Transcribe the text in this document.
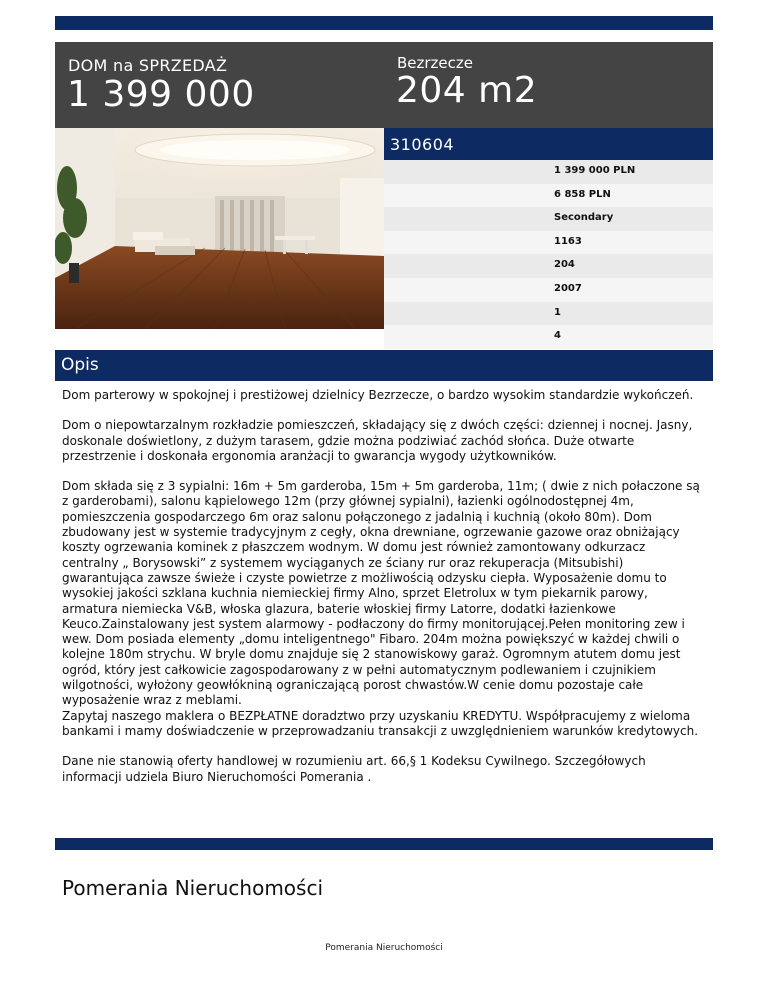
DOM na SPRZEDAŻ
1 399 000
Bezrzecze
204 m2
310604
1 399 000 PLN
6 858 PLN
Secondary
1163
204
2007
1
4
Opis

Dom parterowy w spokojnej i prestiżowej dzielnicy Bezrzecze, o bardzo wysokim standardzie wykończeń.

Dom o niepowtarzalnym rozkładzie pomieszczeń, składający się z dwóch części: dziennej i nocnej. Jasny, doskonale doświetlony, z dużym tarasem, gdzie można podziwiać zachód słońca. Duże otwarte przestrzenie i doskonała ergonomia aranżacji to gwarancja wygody użytkowników.

Dom składa się z 3 sypialni: 16m + 5m garderoba, 15m + 5m garderoba, 11m; ( dwie z nich połaczone są z garderobami), salonu kąpielowego 12m (przy głównej sypialni), łazienki ogólnodostępnej 4m, pomieszczenia gospodarczego 6m oraz salonu połączonego z jadalnią i kuchnią (około 80m). Dom zbudowany jest w systemie tradycyjnym z cegły, okna drewniane, ogrzewanie gazowe oraz obniżający koszty ogrzewania kominek z płaszczem wodnym. W domu jest również zamontowany odkurzacz centralny „ Borysowski” z systemem wyciąganych ze ściany rur oraz rekuperacja (Mitsubishi) gwarantująca zawsze świeże i czyste powietrze z możliwością odzysku ciepła. Wyposażenie domu to wysokiej jakości szklana kuchnia niemieckiej firmy Alno, sprzet Eletrolux w tym piekarnik parowy, armatura niemiecka V&B, włoska glazura, baterie włoskiej firmy Latorre, dodatki łazienkowe Keuco.Zainstalowany jest system alarmowy - podłaczony do firmy monitorującej.Pełen monitoring zew i wew. Dom posiada elementy „domu inteligentnego" Fibaro. 204m można powiększyć w każdej chwili o kolejne 180m strychu. W bryle domu znajduje się 2 stanowiskowy garaż. Ogromnym atutem domu jest ogród, który jest całkowicie zagospodarowany z w pełni automatycznym podlewaniem i czujnikiem wilgotności, wyłożony geowłókniną ograniczającą porost chwastów.W cenie domu pozostaje całe wyposażenie wraz z meblami.
Zapytaj naszego maklera o BEZPŁATNE doradztwo przy uzyskaniu KREDYTU. Współpracujemy z wieloma bankami i mamy doświadczenie w przeprowadzaniu transakcji z uwzględnieniem warunków kredytowych.

Dane nie stanowią oferty handlowej w rozumieniu art. 66,§ 1 Kodeksu Cywilnego. Szczegółowych informacji udziela Biuro Nieruchomości Pomerania .

Pomerania Nieruchomości
Pomerania Nieruchomości
